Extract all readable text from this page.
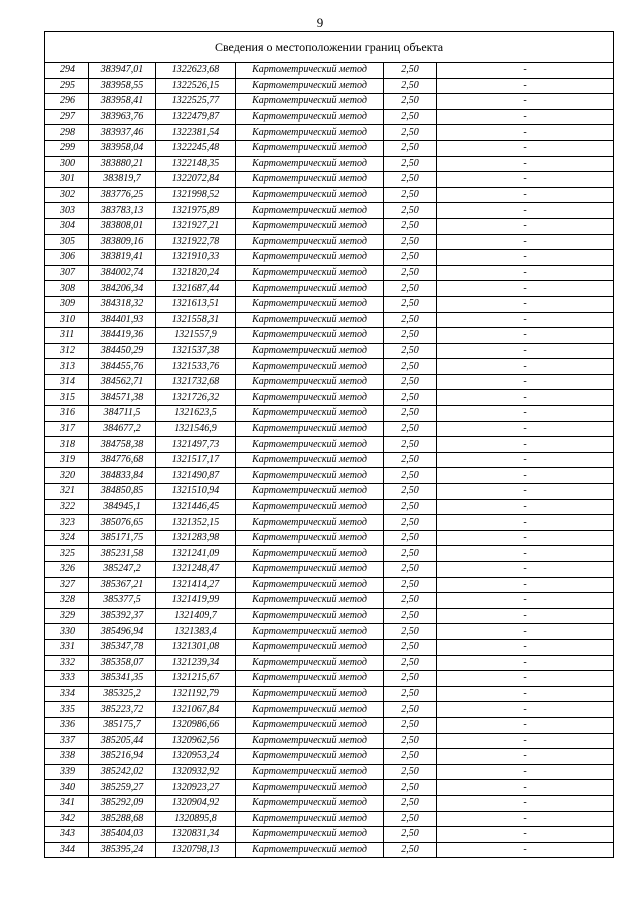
9
Сведения о местоположении границ объекта					
294	383947,01	1322623,68	Картометрический метод	2,50	-
295	383958,55	1322526,15	Картометрический метод	2,50	-
296	383958,41	1322525,77	Картометрический метод	2,50	-
297	383963,76	1322479,87	Картометрический метод	2,50	-
298	383937,46	1322381,54	Картометрический метод	2,50	-
299	383958,04	1322245,48	Картометрический метод	2,50	-
300	383880,21	1322148,35	Картометрический метод	2,50	-
301	383819,7	1322072,84	Картометрический метод	2,50	-
302	383776,25	1321998,52	Картометрический метод	2,50	-
303	383783,13	1321975,89	Картометрический метод	2,50	-
304	383808,01	1321927,21	Картометрический метод	2,50	-
305	383809,16	1321922,78	Картометрический метод	2,50	-
306	383819,41	1321910,33	Картометрический метод	2,50	-
307	384002,74	1321820,24	Картометрический метод	2,50	-
308	384206,34	1321687,44	Картометрический метод	2,50	-
309	384318,32	1321613,51	Картометрический метод	2,50	-
310	384401,93	1321558,31	Картометрический метод	2,50	-
311	384419,36	1321557,9	Картометрический метод	2,50	-
312	384450,29	1321537,38	Картометрический метод	2,50	-
313	384455,76	1321533,76	Картометрический метод	2,50	-
314	384562,71	1321732,68	Картометрический метод	2,50	-
315	384571,38	1321726,32	Картометрический метод	2,50	-
316	384711,5	1321623,5	Картометрический метод	2,50	-
317	384677,2	1321546,9	Картометрический метод	2,50	-
318	384758,38	1321497,73	Картометрический метод	2,50	-
319	384776,68	1321517,17	Картометрический метод	2,50	-
320	384833,84	1321490,87	Картометрический метод	2,50	-
321	384850,85	1321510,94	Картометрический метод	2,50	-
322	384945,1	1321446,45	Картометрический метод	2,50	-
323	385076,65	1321352,15	Картометрический метод	2,50	-
324	385171,75	1321283,98	Картометрический метод	2,50	-
325	385231,58	1321241,09	Картометрический метод	2,50	-
326	385247,2	1321248,47	Картометрический метод	2,50	-
327	385367,21	1321414,27	Картометрический метод	2,50	-
328	385377,5	1321419,99	Картометрический метод	2,50	-
329	385392,37	1321409,7	Картометрический метод	2,50	-
330	385496,94	1321383,4	Картометрический метод	2,50	-
331	385347,78	1321301,08	Картометрический метод	2,50	-
332	385358,07	1321239,34	Картометрический метод	2,50	-
333	385341,35	1321215,67	Картометрический метод	2,50	-
334	385325,2	1321192,79	Картометрический метод	2,50	-
335	385223,72	1321067,84	Картометрический метод	2,50	-
336	385175,7	1320986,66	Картометрический метод	2,50	-
337	385205,44	1320962,56	Картометрический метод	2,50	-
338	385216,94	1320953,24	Картометрический метод	2,50	-
339	385242,02	1320932,92	Картометрический метод	2,50	-
340	385259,27	1320923,27	Картометрический метод	2,50	-
341	385292,09	1320904,92	Картометрический метод	2,50	-
342	385288,68	1320895,8	Картометрический метод	2,50	-
343	385404,03	1320831,34	Картометрический метод	2,50	-
344	385395,24	1320798,13	Картометрический метод	2,50	-
